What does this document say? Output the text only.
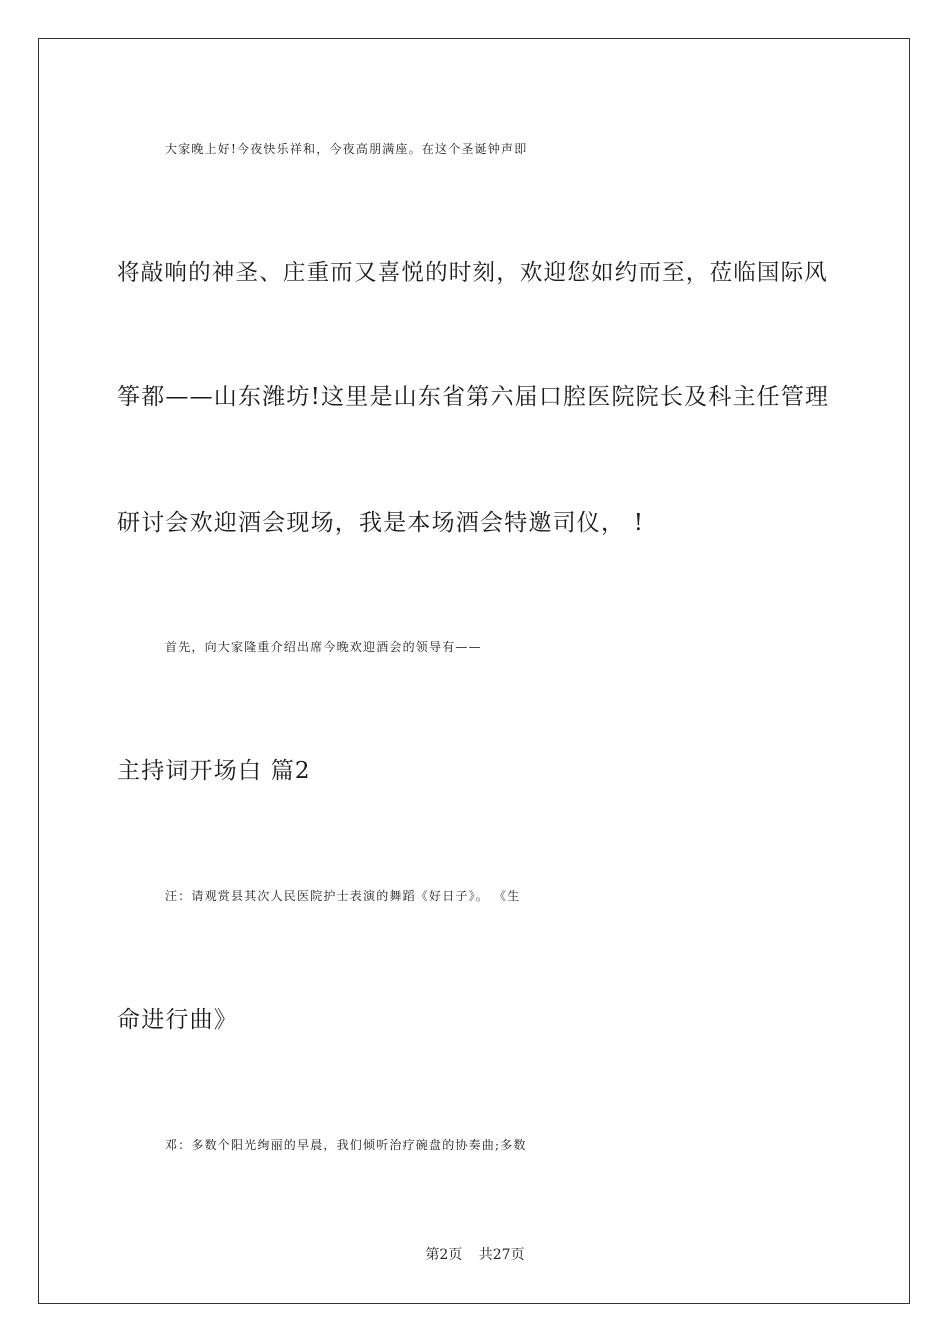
大家晚上好!今夜快乐祥和，今夜高朋满座。在这个圣诞钟声即
将敲响的神圣、庄重而又喜悦的时刻，欢迎您如约而至，莅临国际风
筝都——山东潍坊!这里是山东省第六届口腔医院院长及科主任管理
研讨会欢迎酒会现场，我是本场酒会特邀司仪， !
首先，向大家隆重介绍出席今晚欢迎酒会的领导有——
主持词开场白 篇2
汪：请观赏县其次人民医院护士表演的舞蹈《好日子》。 《生
命进行曲》
邓：多数个阳光绚丽的早晨，我们倾听治疗碗盘的协奏曲;多数
第2页 共27页
